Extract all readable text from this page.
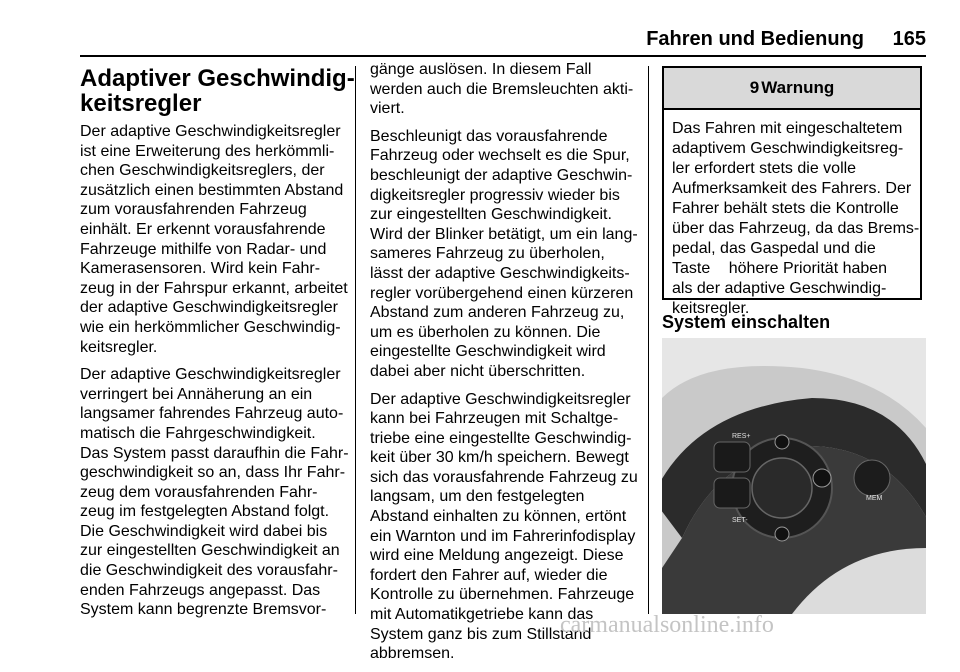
Fahren und Bedienung 165
Adaptiver Geschwindig-
keitsregler

Der adaptive Geschwindigkeitsregler
ist eine Erweiterung des herkömmli-
chen Geschwindigkeitsreglers, der
zusätzlich einen bestimmten Abstand
zum vorausfahrenden Fahrzeug
einhält. Er erkennt vorausfahrende
Fahrzeuge mithilfe von Radar- und
Kamerasensoren. Wird kein Fahr-
zeug in der Fahrspur erkannt, arbeitet
der adaptive Geschwindigkeitsregler
wie ein herkömmlicher Geschwindig-
keitsregler.

Der adaptive Geschwindigkeitsregler
verringert bei Annäherung an ein
langsamer fahrendes Fahrzeug auto-
matisch die Fahrgeschwindigkeit.
Das System passt daraufhin die Fahr-
geschwindigkeit so an, dass Ihr Fahr-
zeug dem vorausfahrenden Fahr-
zeug im festgelegten Abstand folgt.
Die Geschwindigkeit wird dabei bis
zur eingestellten Geschwindigkeit an
die Geschwindigkeit des vorausfahr-
enden Fahrzeugs angepasst. Das
System kann begrenzte Bremsvor-

gänge auslösen. In diesem Fall
werden auch die Bremsleuchten akti-
viert.

Beschleunigt das vorausfahrende
Fahrzeug oder wechselt es die Spur,
beschleunigt der adaptive Geschwin-
digkeitsregler progressiv wieder bis
zur eingestellten Geschwindigkeit.
Wird der Blinker betätigt, um ein lang-
sameres Fahrzeug zu überholen,
lässt der adaptive Geschwindigkeits-
regler vorübergehend einen kürzeren
Abstand zum anderen Fahrzeug zu,
um es überholen zu können. Die
eingestellte Geschwindigkeit wird
dabei aber nicht überschritten.

Der adaptive Geschwindigkeitsregler
kann bei Fahrzeugen mit Schaltge-
triebe eine eingestellte Geschwindig-
keit über 30 km/h speichern. Bewegt
sich das vorausfahrende Fahrzeug zu
langsam, um den festgelegten
Abstand einhalten zu können, ertönt
ein Warnton und im Fahrerinfodisplay
wird eine Meldung angezeigt. Diese
fordert den Fahrer auf, wieder die
Kontrolle zu übernehmen. Fahrzeuge
mit Automatikgetriebe kann das
System ganz bis zum Stillstand
abbremsen.

9 Warnung
Das Fahren mit eingeschaltetem
adaptivem Geschwindigkeitsreg-
ler erfordert stets die volle
Aufmerksamkeit des Fahrers. Der
Fahrer behält stets die Kontrolle
über das Fahrzeug, da das Brems-
pedal, das Gaspedal und die
Taste     höhere Priorität haben
als der adaptive Geschwindig-
keitsregler.
System einschalten
RES+
SET-
MEM
carmanualsonline.info
